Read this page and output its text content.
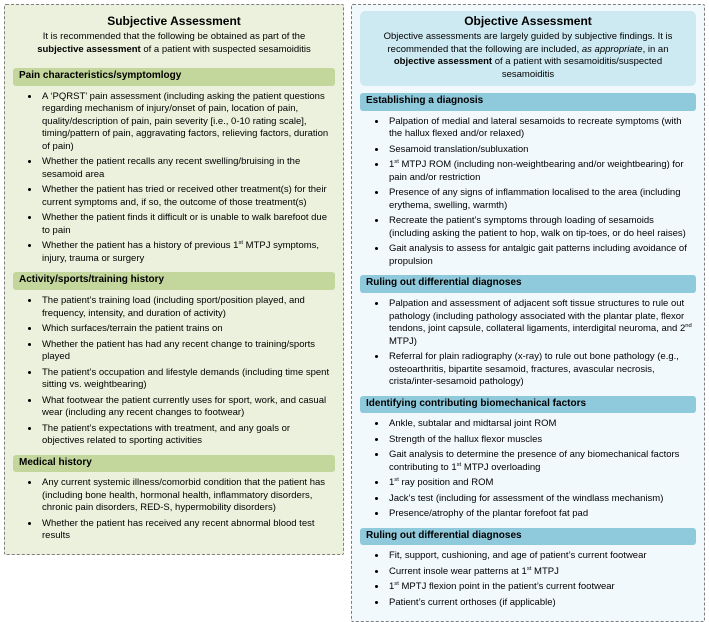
Subjective Assessment

It is recommended that the following be obtained as part of the subjective assessment of a patient with suspected sesamoiditis

Pain characteristics/symptomlogy
• A ‘PQRST’ pain assessment (including asking the patient questions regarding mechanism of injury/onset of pain, location of pain, quality/description of pain, pain severity [i.e., 0-10 rating scale], timing/pattern of pain, aggravating factors, relieving factors, duration of pain)
• Whether the patient recalls any recent swelling/bruising in the sesamoid area
• Whether the patient has tried or received other treatment(s) for their current symptoms and, if so, the outcome of those treatment(s)
• Whether the patient finds it difficult or is unable to walk barefoot due to pain
• Whether the patient has a history of previous 1st MTPJ symptoms, injury, trauma or surgery
Activity/sports/training history
• The patient’s training load (including sport/position played, and frequency, intensity, and duration of activity)
• Which surfaces/terrain the patient trains on
• Whether the patient has had any recent change to training/sports played
• The patient’s occupation and lifestyle demands (including time spent sitting vs. weightbearing)
• What footwear the patient currently uses for sport, work, and casual wear (including any recent changes to footwear)
• The patient’s expectations with treatment, and any goals or objectives related to sporting activities
Medical history
• Any current systemic illness/comorbid condition that the patient has (including bone health, hormonal health, inflammatory disorders, chronic pain disorders, RED-S, hypermobility disorders)
• Whether the patient has received any recent abnormal blood test results
Objective Assessment

Objective assessments are largely guided by subjective findings. It is recommended that the following are included, as appropriate, in an objective assessment of a patient with sesamoiditis/suspected sesamoiditis

Establishing a diagnosis
• Palpation of medial and lateral sesamoids to recreate symptoms (with the hallux flexed and/or relaxed)
• Sesamoid translation/subluxation
• 1st MTPJ ROM (including non-weightbearing and/or weightbearing) for pain and/or restriction
• Presence of any signs of inflammation localised to the area (including erythema, swelling, warmth)
• Recreate the patient’s symptoms through loading of sesamoids (including asking the patient to hop, walk on tip-toes, or do heel raises)
• Gait analysis to assess for antalgic gait patterns including avoidance of propulsion
Ruling out differential diagnoses
• Palpation and assessment of adjacent soft tissue structures to rule out pathology (including pathology associated with the plantar plate, flexor tendons, joint capsule, collateral ligaments, interdigital neuroma, and 2nd MTPJ)
• Referral for plain radiography (x-ray) to rule out bone pathology (e.g., osteoarthritis, bipartite sesamoid, fractures, avascular necrosis, crista/inter-sesamoid pathology)
Identifying contributing biomechanical factors
• Ankle, subtalar and midtarsal joint ROM
• Strength of the hallux flexor muscles
• Gait analysis to determine the presence of any biomechanical factors contributing to 1st MTPJ overloading
• 1st ray position and ROM
• Jack’s test (including for assessment of the windlass mechanism)
• Presence/atrophy of the plantar forefoot fat pad
Ruling out differential diagnoses
• Fit, support, cushioning, and age of patient’s current footwear
• Current insole wear patterns at 1st MTPJ
• 1st MPTJ flexion point in the patient’s current footwear
• Patient’s current orthoses (if applicable)
